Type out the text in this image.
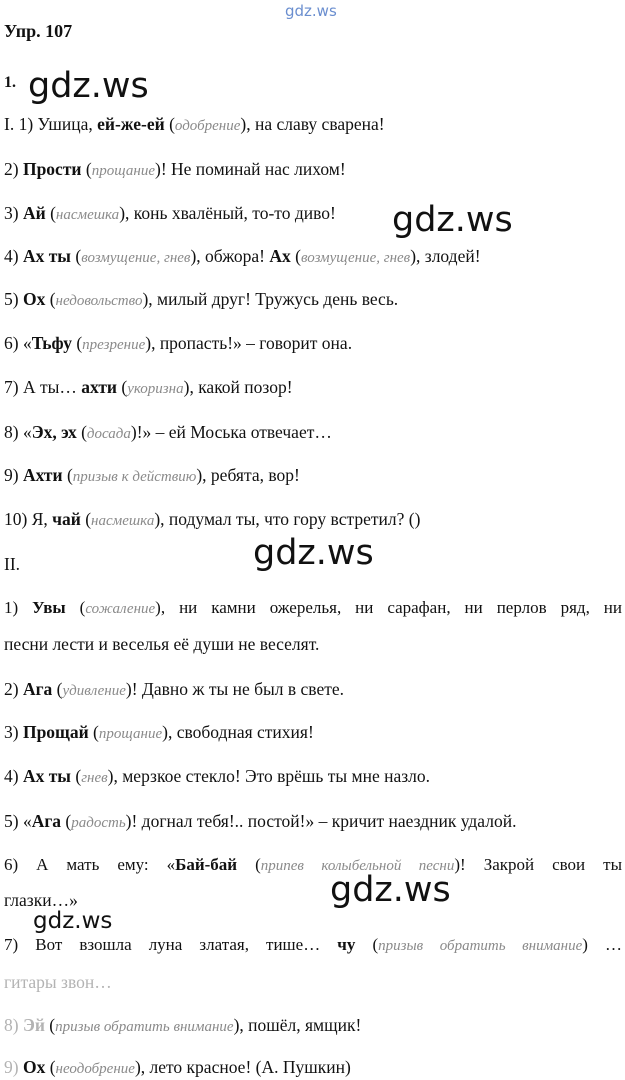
gdz.ws
gdz.ws
gdz.ws
gdz.ws
gdz.ws
gdz.ws
Упр. 107
1.
I. 1) Ушица, ей-же-ей (одобрение), на славу сварена!
2) Прости (прощание)! Не поминай нас лихом!
3) Ай (насмешка), конь хвалёный, то-то диво!
4) Ах ты (возмущение, гнев), обжора! Ах (возмущение, гнев), злодей!
5) Ох (недовольство), милый друг! Тружусь день весь.
6) «Тьфу (презрение), пропасть!» – говорит она.
7) А ты… ахти (укоризна), какой позор!
8) «Эх, эх (досада)!» – ей Моська отвечает…
9) Ахти (призыв к действию), ребята, вор!
10) Я, чай (насмешка), подумал ты, что гору встретил? ()
II.
1) Увы (сожаление), ни камни ожерелья, ни сарафан, ни перлов ряд, ни
песни лести и веселья её души не веселят.
2) Ага (удивление)! Давно ж ты не был в свете.
3) Прощай (прощание), свободная стихия!
4) Ах ты (гнев), мерзкое стекло! Это врёшь ты мне назло.
5) «Ага (радость)! догнал тебя!.. постой!» – кричит наездник удалой.
6) А мать ему: «Бай-бай (припев колыбельной песни)! Закрой свои ты
глазки…»
7) Вот взошла луна златая, тише… чу (призыв обратить внимание) …
гитары звон…
8) Эй (призыв обратить внимание), пошёл, ямщик!
9) Ох (неодобрение), лето красное! (А. Пушкин)
